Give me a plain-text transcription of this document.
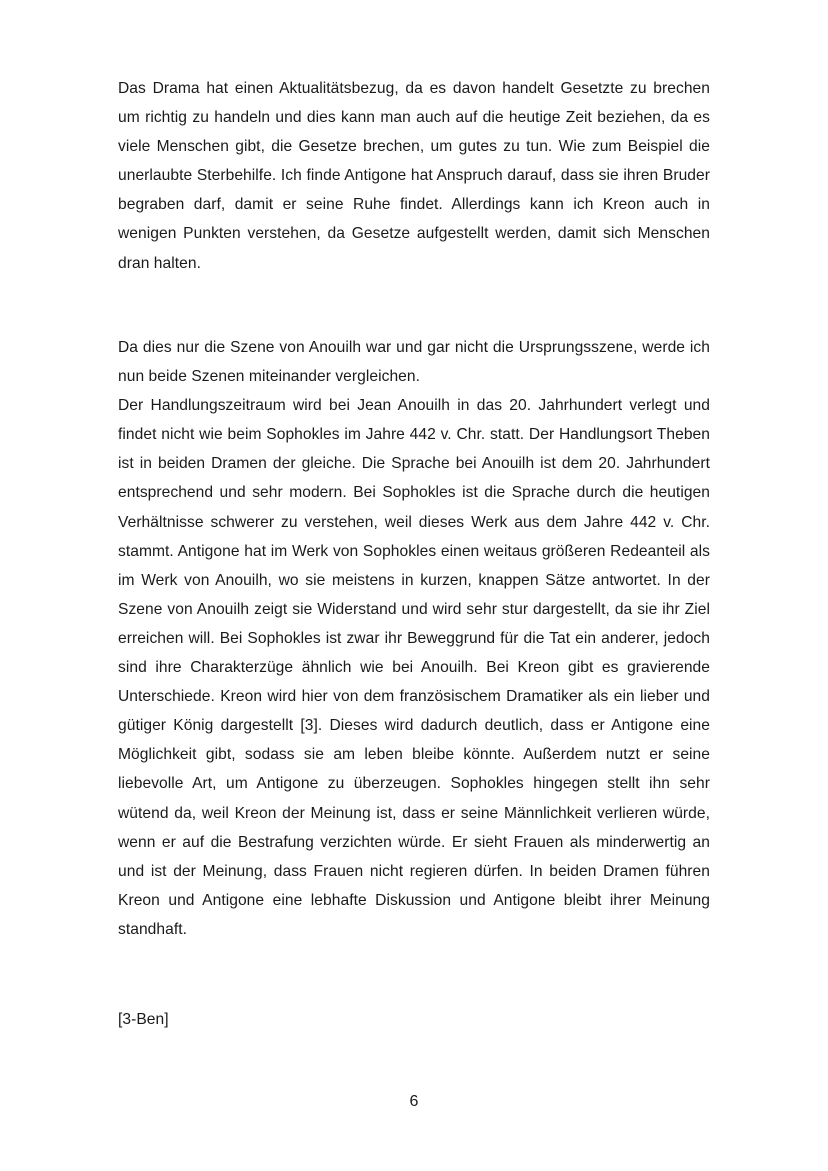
Das Drama hat einen Aktualitätsbezug, da es davon handelt Gesetzte zu brechen um richtig zu handeln und dies kann man auch auf die heutige Zeit beziehen, da es viele Menschen gibt, die Gesetze brechen, um gutes zu tun. Wie zum Beispiel die unerlaubte Sterbehilfe. Ich finde Antigone hat Anspruch darauf, dass sie ihren Bruder begraben darf, damit er seine Ruhe findet. Allerdings kann ich Kreon auch in wenigen Punkten verstehen, da Gesetze aufgestellt werden, damit sich Menschen dran halten.

Da dies nur die Szene von Anouilh war und gar nicht die Ursprungsszene, werde ich nun beide Szenen miteinander vergleichen.

Der Handlungszeitraum wird bei Jean Anouilh in das 20. Jahrhundert verlegt und findet nicht wie beim Sophokles im Jahre 442 v. Chr. statt. Der Handlungsort Theben ist in beiden Dramen der gleiche. Die Sprache bei Anouilh ist dem 20. Jahrhundert entsprechend und sehr modern. Bei Sophokles ist die Sprache durch die heutigen Verhältnisse schwerer zu verstehen, weil dieses Werk aus dem Jahre 442 v. Chr. stammt. Antigone hat im Werk von Sophokles einen weitaus größeren Redeanteil als im Werk von Anouilh, wo sie meistens in kurzen, knappen Sätze antwortet. In der Szene von Anouilh zeigt sie Widerstand und wird sehr stur dargestellt, da sie ihr Ziel erreichen will. Bei Sophokles ist zwar ihr Beweggrund für die Tat ein anderer, jedoch sind ihre Charakterzüge ähnlich wie bei Anouilh. Bei Kreon gibt es gravierende Unterschiede. Kreon wird hier von dem französischem Dramatiker als ein lieber und gütiger König dargestellt [3]. Dieses wird dadurch deutlich, dass er Antigone eine Möglichkeit gibt, sodass sie am leben bleibe könnte. Außerdem nutzt er seine liebevolle Art, um Antigone zu überzeugen. Sophokles hingegen stellt ihn sehr wütend da, weil Kreon der Meinung ist, dass er seine Männlichkeit verlieren würde, wenn er auf die Bestrafung verzichten würde. Er sieht Frauen als minderwertig an und ist der Meinung, dass Frauen nicht regieren dürfen. In beiden Dramen führen Kreon und Antigone eine lebhafte Diskussion und Antigone bleibt ihrer Meinung standhaft.

[3-Ben]

6
